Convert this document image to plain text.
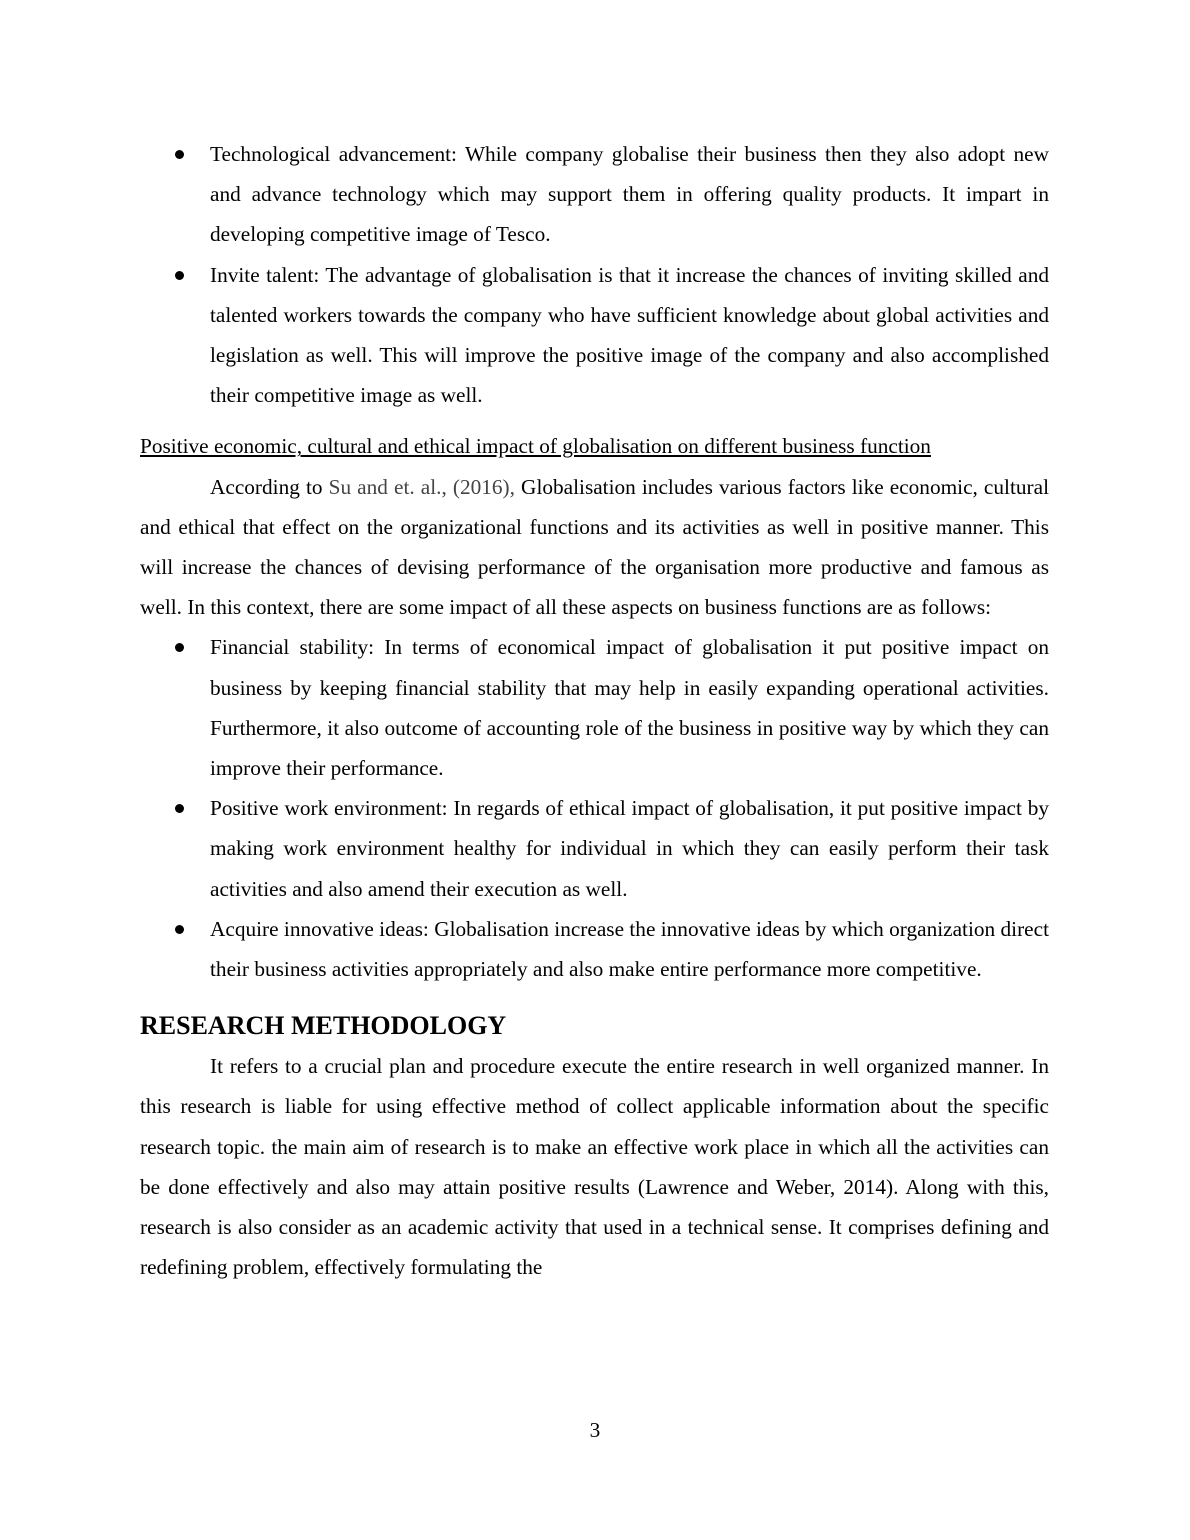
Technological advancement: While company globalise their business then they also adopt new and advance technology which may support them in offering quality products. It impart in developing competitive image of Tesco.
Invite talent: The advantage of globalisation is that it increase the chances of inviting skilled and talented workers towards the company who have sufficient knowledge about global activities and legislation as well. This will improve the positive image of the company and also accomplished their competitive image as well.

Positive economic, cultural and ethical impact of globalisation on different business function

According to Su and et. al., (2016), Globalisation includes various factors like economic, cultural and ethical that effect on the organizational functions and its activities as well in positive manner. This will increase the chances of devising performance of the organisation more productive and famous as well. In this context, there are some impact of all these aspects on business functions are as follows:

Financial stability: In terms of economical impact of globalisation it put positive impact on business by keeping financial stability that may help in easily expanding operational activities. Furthermore, it also outcome of accounting role of the business in positive way by which they can improve their performance.
Positive work environment: In regards of ethical impact of globalisation, it put positive impact by making work environment healthy for individual in which they can easily perform their task activities and also amend their execution as well.
Acquire innovative ideas: Globalisation increase the innovative ideas by which organization direct their business activities appropriately and also make entire performance more competitive.
RESEARCH METHODOLOGY

It refers to a crucial plan and procedure execute the entire research in well organized manner. In this research is liable for using effective method of collect applicable information about the specific research topic. the main aim of research is to make an effective work place in which all the activities can be done effectively and also may attain positive results (Lawrence and Weber, 2014). Along with this, research is also consider as an academic activity that used in a technical sense. It comprises defining and redefining problem, effectively formulating the

3
